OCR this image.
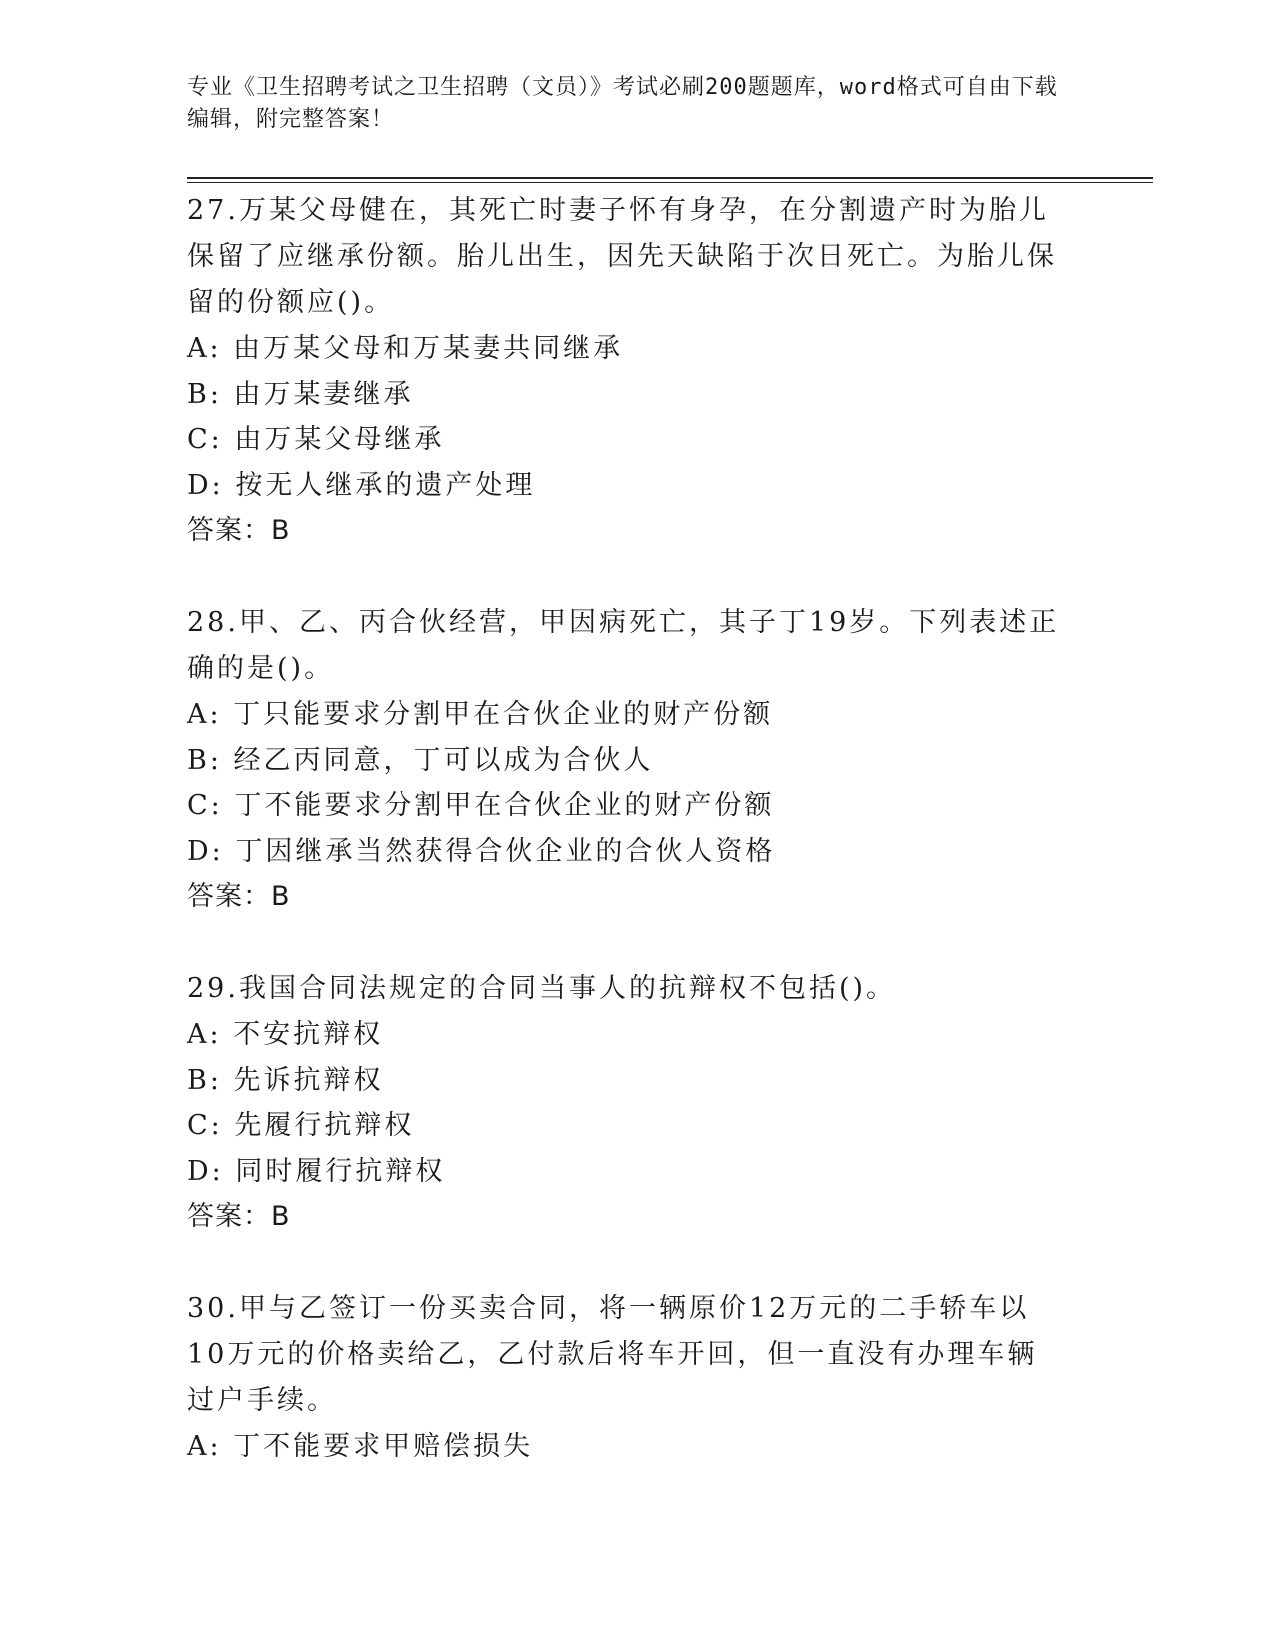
专业《卫生招聘考试之卫生招聘（文员）》考试必刷200题题库，word格式可自由下载编辑，附完整答案！

27.万某父母健在，其死亡时妻子怀有身孕，在分割遗产时为胎儿保留了应继承份额。胎儿出生，因先天缺陷于次日死亡。为胎儿保留的份额应()。

A: 由万某父母和万某妻共同继承

B: 由万某妻继承

C: 由万某父母继承

D: 按无人继承的遗产处理

答案：B

28.甲、乙、丙合伙经营，甲因病死亡，其子丁19岁。下列表述正确的是()。

A: 丁只能要求分割甲在合伙企业的财产份额

B: 经乙丙同意，丁可以成为合伙人

C: 丁不能要求分割甲在合伙企业的财产份额

D: 丁因继承当然获得合伙企业的合伙人资格

答案：B

29.我国合同法规定的合同当事人的抗辩权不包括()。

A: 不安抗辩权

B: 先诉抗辩权

C: 先履行抗辩权

D: 同时履行抗辩权

答案：B

30.甲与乙签订一份买卖合同，将一辆原价12万元的二手轿车以10万元的价格卖给乙，乙付款后将车开回，但一直没有办理车辆过户手续。

A: 丁不能要求甲赔偿损失
